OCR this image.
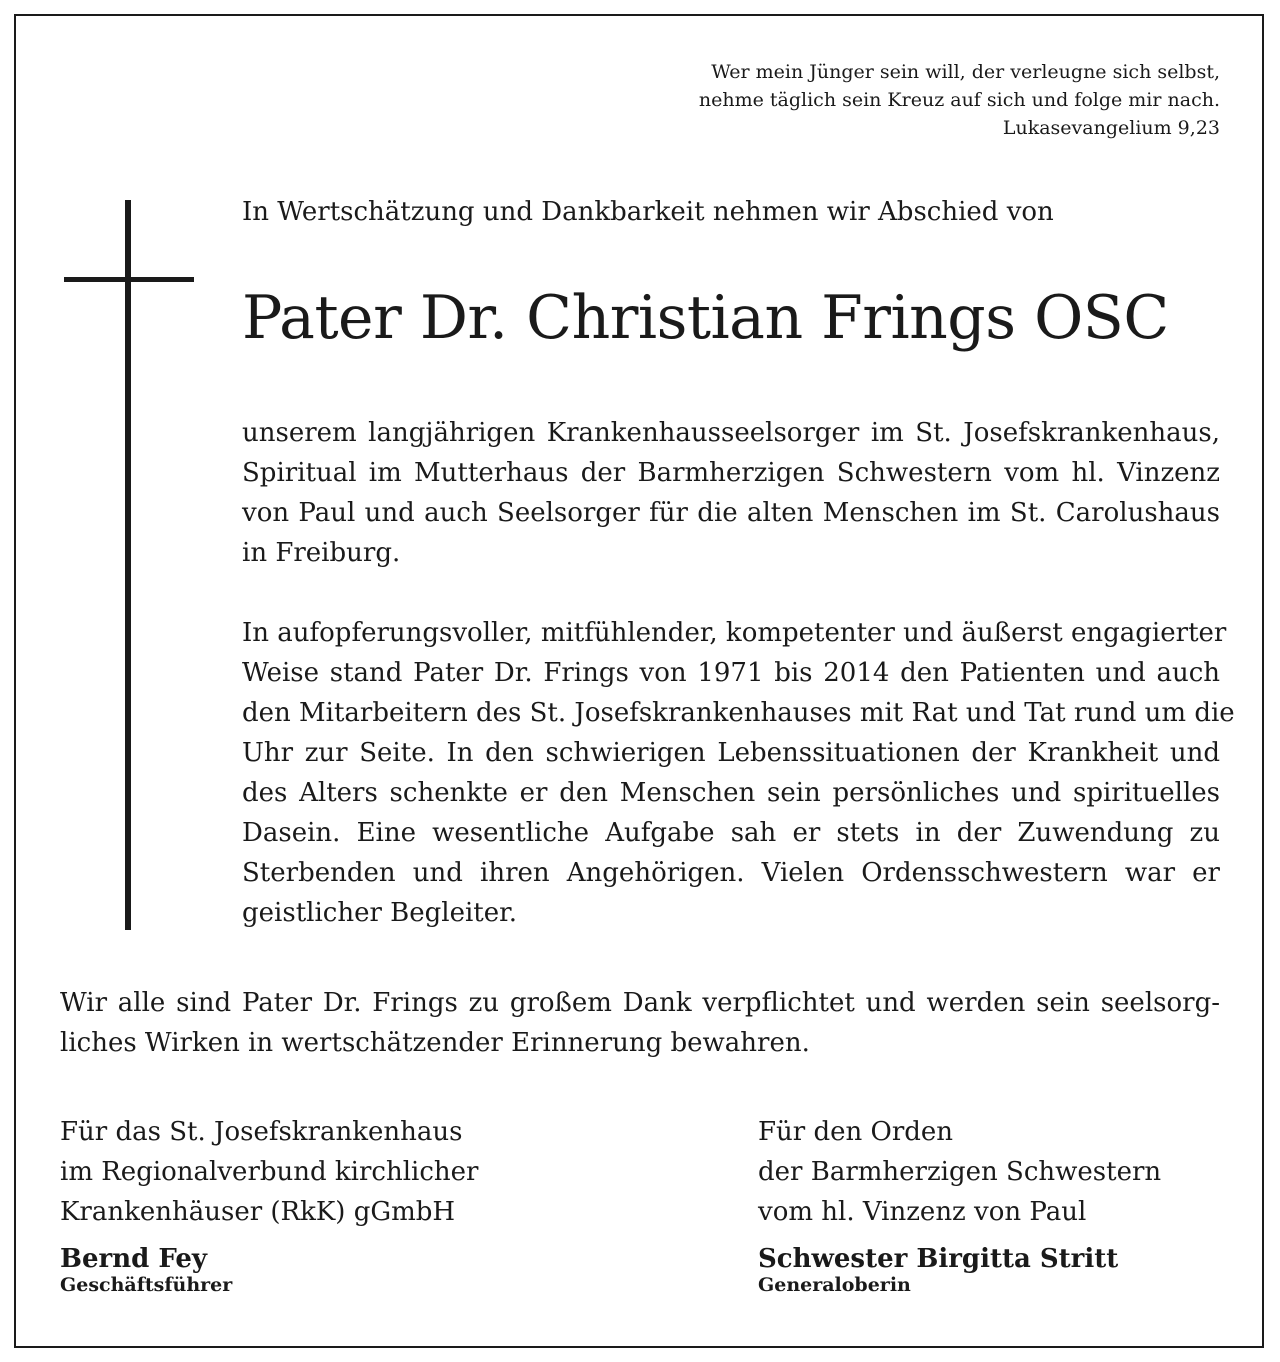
Wer mein Jünger sein will, der verleugne sich selbst,
nehme täglich sein Kreuz auf sich und folge mir nach.
Lukasevangelium 9,23
In Wertschätzung und Dankbarkeit nehmen wir Abschied von
Pater Dr. Christian Frings OSC
unserem langjährigen Krankenhausseelsorger im St. Josefskrankenhaus,
Spiritual im Mutterhaus der Barmherzigen Schwestern vom hl. Vinzenz
von Paul und auch Seelsorger für die alten Menschen im St. Carolushaus
in Freiburg.
In aufopferungsvoller, mitfühlender, kompetenter und äußerst engagierter
Weise stand Pater Dr. Frings von 1971 bis 2014 den Patienten und auch
den Mitarbeitern des St. Josefskrankenhauses mit Rat und Tat rund um die
Uhr zur Seite. In den schwierigen Lebenssituationen der Krankheit und
des Alters schenkte er den Menschen sein persönliches und spirituelles
Dasein. Eine wesentliche Aufgabe sah er stets in der Zuwendung zu
Sterbenden und ihren Angehörigen. Vielen Ordensschwestern war er
geistlicher Begleiter.
Wir alle sind Pater Dr. Frings zu großem Dank verpflichtet und werden sein seelsorg-
liches Wirken in wertschätzender Erinnerung bewahren.
Für das St. Josefskrankenhaus
im Regionalverbund kirchlicher
Krankenhäuser (RkK) gGmbH
Bernd Fey
Geschäftsführer
Für den Orden
der Barmherzigen Schwestern
vom hl. Vinzenz von Paul
Schwester Birgitta Stritt
Generaloberin
